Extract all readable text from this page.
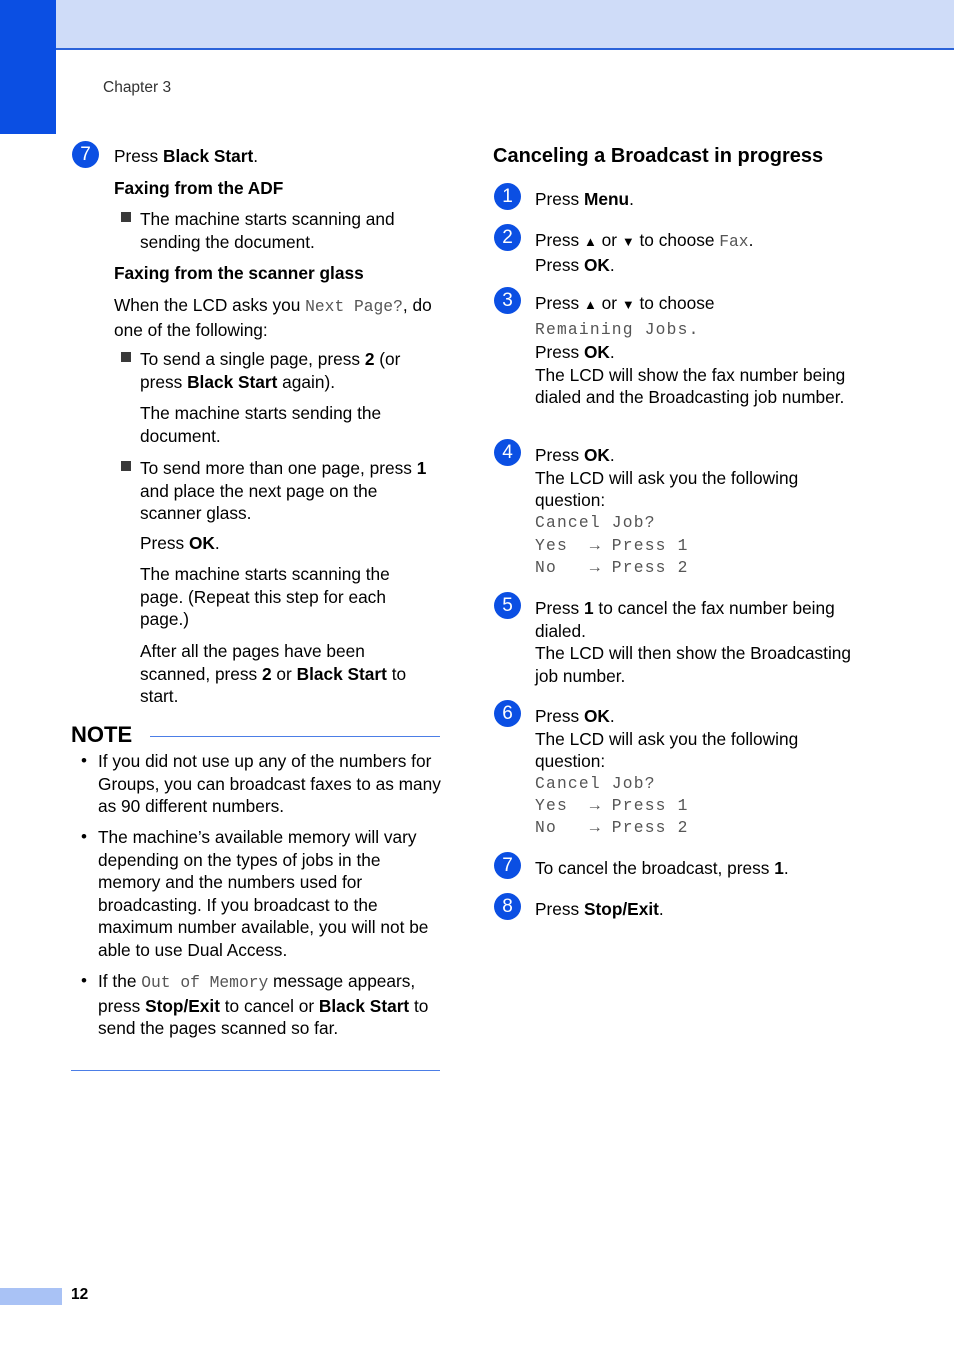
Chapter 3
12
7	Press Black Start.

Faxing from the ADF

The machine starts scanning and sending the document.

Faxing from the scanner glass

When the LCD asks you Next Page?, do one of the following:

To send a single page, press 2 (or press Black Start again).

The machine starts sending the document.

To send more than one page, press 1 and place the next page on the scanner glass.

Press OK.

The machine starts scanning the page. (Repeat this step for each page.)

After all the pages have been scanned, press 2 or Black Start to start.

NOTE
• If you did not use up any of the numbers for Groups, you can broadcast faxes to as many as 90 different numbers.

• The machine’s available memory will vary depending on the types of jobs in the memory and the numbers used for broadcasting. If you broadcast to the maximum number available, you will not be able to use Dual Access.

• If the Out of Memory message appears, press Stop/Exit to cancel or Black Start to send the pages scanned so far.

Canceling a Broadcast in progress
1	Press Menu.

2	Press ▲ or ▼ to choose Fax.
Press OK.

3	Press ▲ or ▼ to choose
Remaining Jobs.
Press OK.
The LCD will show the fax number being dialed and the Broadcasting job number.

4	Press OK.
The LCD will ask you the following question:

Cancel Job?
Yes  → Press 1
No   → Press 2
5	Press 1 to cancel the fax number being dialed.
The LCD will then show the Broadcasting job number.

6	Press OK.
The LCD will ask you the following question:

Cancel Job?
Yes  → Press 1
No   → Press 2
7	To cancel the broadcast, press 1.

8	Press Stop/Exit.
